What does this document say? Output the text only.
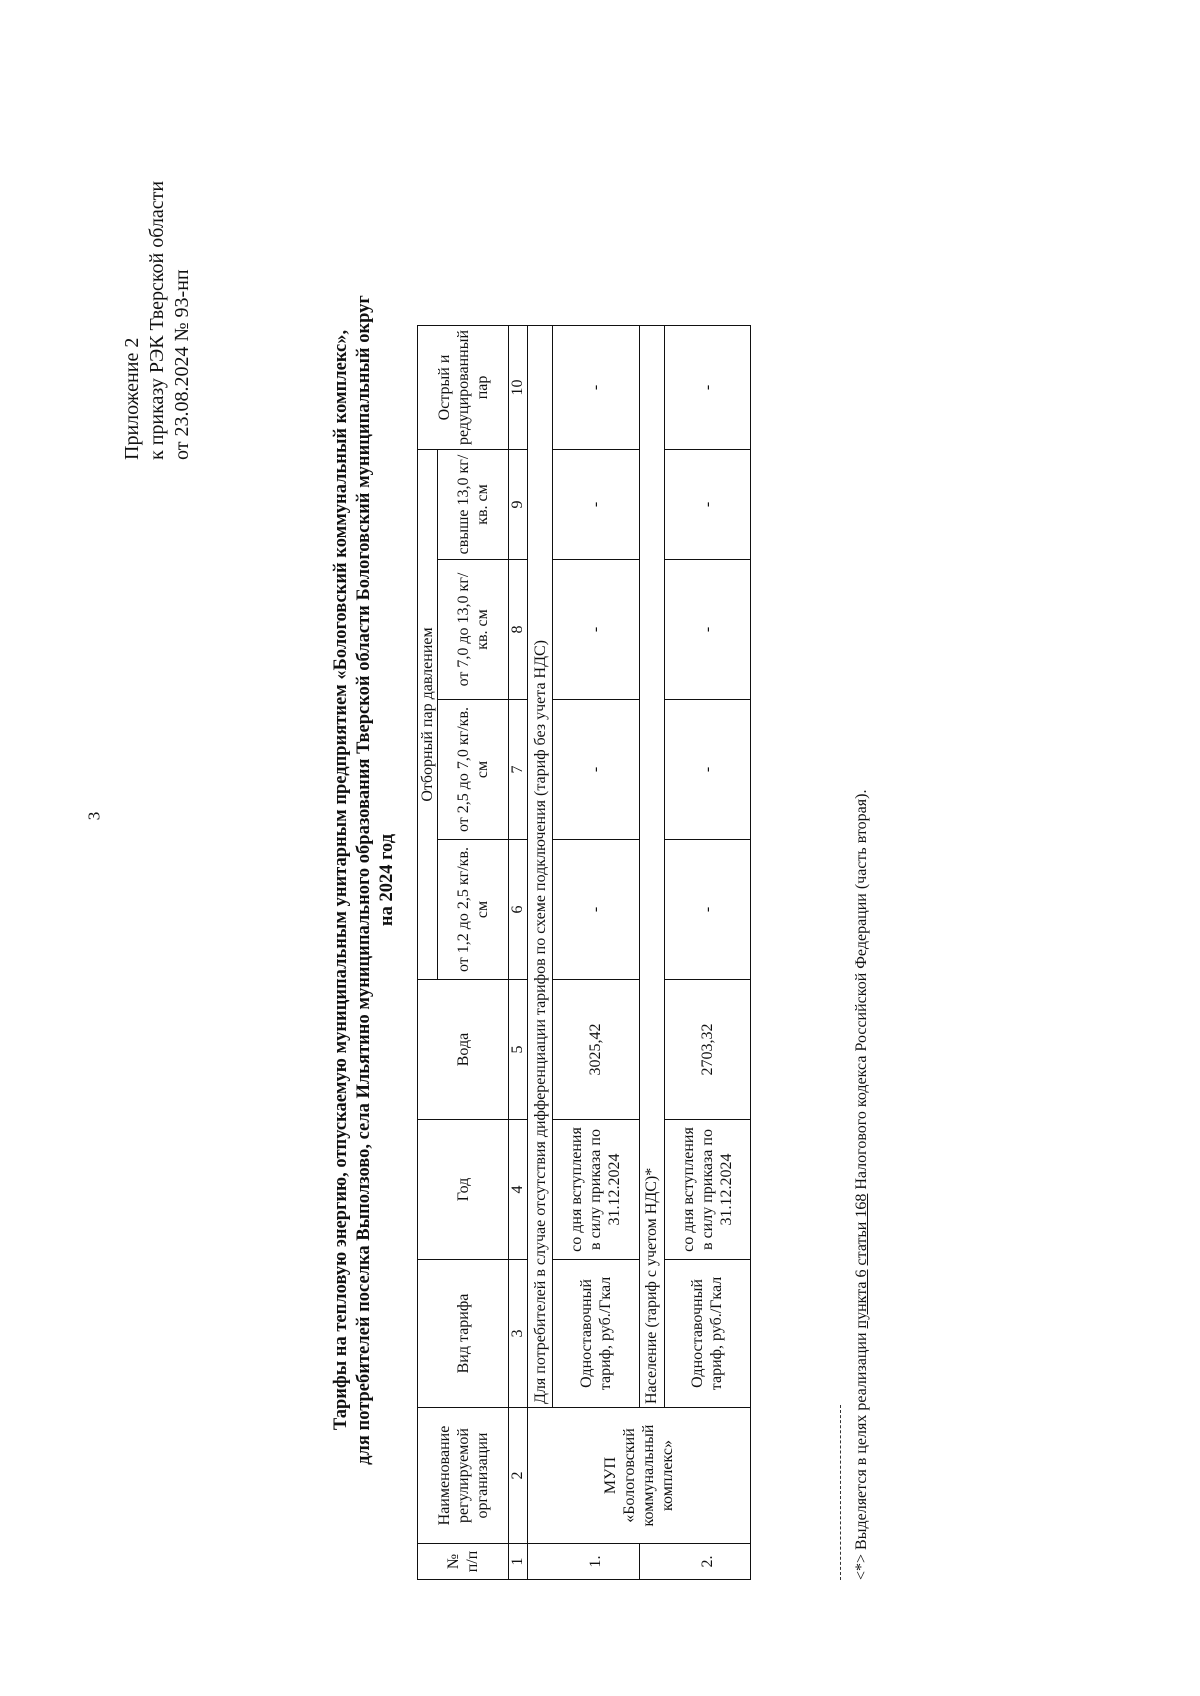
3
Приложение 2 к приказу РЭК Тверской области от 23.08.2024 № 93-нп	Тарифы на тепловую энергию, отпускаемую муниципальным унитарным предприятием «Бологовский коммунальный комплекс», для потребителей поселка Выползово, села Ильятино муниципального образования Тверской области Бологовский муниципальный округ на 2024 год
№ п/п	Наименование регулируемой организации	Вид тарифа	Год	Вода	Отборный пар давлением				Острый и редуцированный пар
					от 1,2 до 2,5 кг/кв. см	от 2,5 до 7,0 кг/кв. см	от 7,0 до 13,0 кг/кв. см	свыше 13,0 кг/кв. см	
1	2	3	4	5	6	7	8	9	10
	МУП «Бологовский коммунальный комплекс»	Для потребителей в случае отсутствия дифференциации тарифов по схеме подключения (тариф без учета НДС)							
1.		Одноставочный тариф, руб./Гкал	со дня вступления в силу приказа по 31.12.2024	3025,42	-	-	-	-	-
		Население (тариф с учетом НДС)*							
2.		Одноставочный тариф, руб./Гкал	со дня вступления в силу приказа по 31.12.2024	2703,32	-	-	-	-	-
<*> Выделяется в целях реализации пункта 6 статьи 168 Налогового кодекса Российской Федерации (часть вторая).
